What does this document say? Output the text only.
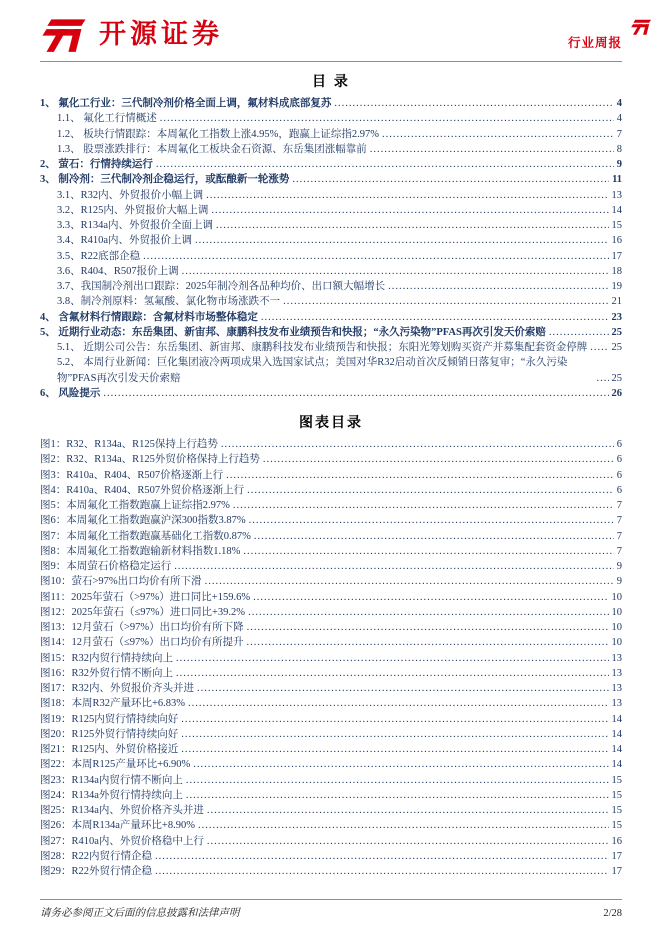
开源证券	行业周报
目 录
1、 氟化工行业：三代制冷剂价格全面上调，氟材料成底部复苏 .....	4
1.1、 氟化工行情概述 .....	4
1.2、 板块行情跟踪：本周氟化工指数上涨4.95%，跑赢上证综指2.97% .....	7
1.3、 股票涨跌排行：本周氟化工板块金石资源、东岳集团涨幅靠前 .....	8
2、 萤石：行情持续运行 .....	9
3、 制冷剂：三代制冷剂企稳运行，或酝酿新一轮涨势 .....	11
3.1、R32内、外贸报价小幅上调 .....	13
3.2、R125内、外贸报价大幅上调 .....	14
3.3、R134a内、外贸报价全面上调 .....	15
3.4、R410a内、外贸报价上调 .....	16
3.5、R22底部企稳 .....	17
3.6、R404、R507报价上调 .....	18
3.7、我国制冷剂出口跟踪：2025年制冷剂各品种均价、出口额大幅增长 .....	19
3.8、制冷剂原料：氢氟酸、氯化物市场涨跌不一 .....	21
4、 含氟材料行情跟踪：含氟材料市场整体稳定 .....	23
5、 近期行业动态：东岳集团、新宙邦、康鹏科技发布业绩预告和快报；“永久污染物”PFAS再次引发天价索赔 .....	25
5.1、 近期公司公告：东岳集团、新宙邦、康鹏科技发布业绩预告和快报；东阳光筹划购买资产并募集配套资金停牌 ..... 25
5.2、 本周行业新闻：巨化集团液冷两项成果入选国家试点；美国对华R32启动首次反倾销日落复审；“永久污染物”PFAS再次引发天价索赔 .....	25
6、 风险提示 .....	26
图表目录
图1：R32、R134a、R125保持上行趋势 .....	6
图2：R32、R134a、R125外贸价格保持上行趋势 .....	6
图3：R410a、R404、R507价格逐渐上行 .....	6
图4：R410a、R404、R507外贸价格逐渐上行 .....	6
图5：本周氟化工指数跑赢上证综指2.97% .....	7
图6：本周氟化工指数跑赢沪深300指数3.87% .....	7
图7：本周氟化工指数跑赢基础化工指数0.87% .....	7
图8：本周氟化工指数跑输新材料指数1.18% .....	7
图9：本周萤石价格稳定运行 .....	9
图10：萤石>97%出口均价有所下滑 .....	9
图11：2025年萤石（>97%）进口同比+159.6% .....	10
图12：2025年萤石（≤97%）进口同比+39.2% .....	10
图13：12月萤石（>97%）出口均价有所下降 .....	10
图14：12月萤石（≤97%）出口均价有所提升 .....	10
图15：R32内贸行情持续向上 .....	13
图16：R32外贸行情不断向上 .....	13
图17：R32内、外贸报价齐头并进 .....	13
图18：本周R32产量环比+6.83% .....	13
图19：R125内贸行情持续向好 .....	14
图20：R125外贸行情持续向好 .....	14
图21：R125内、外贸价格接近 .....	14
图22：本周R125产量环比+6.90% .....	14
图23：R134a内贸行情不断向上 .....	15
图24：R134a外贸行情持续向上 .....	15
图25：R134a内、外贸价格齐头并进 .....	15
图26：本周R134a产量环比+8.90% .....	15
图27：R410a内、外贸价格稳中上行 .....	16
图28：R22内贸行情企稳 .....	17
图29：R22外贸行情企稳 .....	17
请务必参阅正文后面的信息披露和法律声明	2/28
